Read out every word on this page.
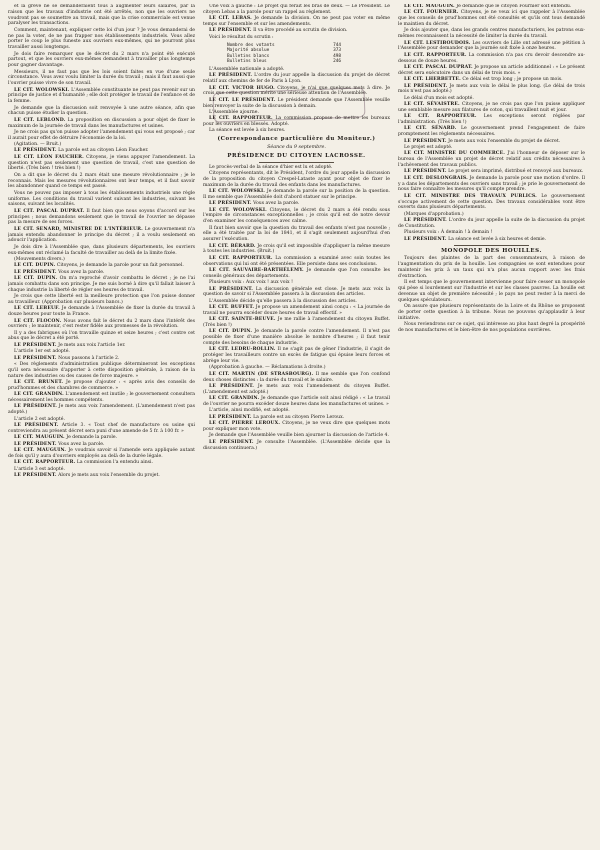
et la grève ne se demanderaient tous à augmenter leurs salaires, par la raison que les travaux d'industrie ont été arrêtés, non que les ouvriers ne voudront pas se soumettre au travail, mais que la crise commerciale est venue paralyser les transactions.

Comment, maintenant, expliquer cette loi d'un jour ? Je vous demanderai de ne pas la voter, de ne pas frapper nos établissements industriels. Vous allez porter le coup le plus funeste aux ouvriers eux-mêmes, qui ne pourront plus travailler aussi longtemps.

Je dois faire remarquer que le décret du 2 mars n'a point été exécuté partout, et que les ouvriers eux-mêmes demandent à travailler plus longtemps pour gagner davantage.

Messieurs, il ne faut pas que les lois soient faites en vue d'une seule circonstance. Vous avez voulu limiter la durée du travail ; mais il faut aussi que l'ouvrier puisse vivre de son travail.

LE CIT. WOLOWSKI. L'Assemblée constituante ne peut pas revenir sur un principe de justice et d'humanité ; elle doit protéger le travail de l'enfance et de la femme.

Je demande que la discussion soit renvoyée à une autre séance, afin que chacun puisse étudier la question.

LE CIT. LEBLOND. La proposition en discussion a pour objet de fixer le maximum de la journée de travail dans les manufactures et usines.

Je ne crois pas qu'on puisse adopter l'amendement qui vous est proposé ; car il aurait pour effet de détruire l'économie de la loi.

(Agitation. — Bruit.)

LE PRÉSIDENT. La parole est au citoyen Léon Faucher.

LE CIT. LÉON FAUCHER. Citoyens, je viens appuyer l'amendement. La question n'est pas seulement une question de travail, c'est une question de liberté. (Très bien ! très bien !)

On a dit que le décret du 2 mars était une mesure révolutionnaire ; je le reconnais. Mais les mesures révolutionnaires ont leur temps, et il faut savoir les abandonner quand ce temps est passé.

Vous ne pouvez pas imposer à tous les établissements industriels une règle uniforme. Les conditions du travail varient suivant les industries, suivant les saisons, suivant les localités.

LE CIT. PASCAL DUPRAT. Il faut bien que nous soyons d'accord sur les principes ; nous demandons seulement que le travail de l'ouvrier ne dépasse pas la mesure de ses forces.

LE CIT. SENARD, MINISTRE DE L'INTÉRIEUR. Le gouvernement n'a jamais entendu abandonner le principe du décret ; il a voulu seulement en adoucir l'application.

Je dois dire à l'Assemblée que, dans plusieurs départements, les ouvriers eux-mêmes ont réclamé la faculté de travailler au delà de la limite fixée.

(Mouvements divers.)

LE CIT. DUPIN. Citoyens, je demande la parole pour un fait personnel.

LE PRÉSIDENT. Vous avez la parole.

LE CIT. DUPIN. On m'a reproché d'avoir combattu le décret ; je ne l'ai jamais combattu dans son principe. Je me suis borné à dire qu'il fallait laisser à chaque industrie la liberté de régler ses heures de travail.

Je crois que cette liberté est la meilleure protection que l'on puisse donner au travailleur. (Approbation sur plusieurs bancs.)

LE CIT. LEBEUF. Je demande à l'Assemblée de fixer la durée du travail à douze heures pour toute la France.

LE CIT. FLOCON. Nous avons fait le décret du 2 mars dans l'intérêt des ouvriers ; le maintenir, c'est rester fidèle aux promesses de la révolution.

Il y a des fabriques où l'on travaille quinze et seize heures ; c'est contre cet abus que le décret a été porté.

LE PRÉSIDENT. Je mets aux voix l'article 1er.

L'article 1er est adopté.

LE PRÉSIDENT. Nous passons à l'article 2.

« Des règlements d'administration publique détermineront les exceptions qu'il sera nécessaire d'apporter à cette disposition générale, à raison de la nature des industries ou des causes de force majeure. »

LE CIT. BRUNET. Je propose d'ajouter : « après avis des conseils de prud'hommes et des chambres de commerce. »

LE CIT. GRANDIN. L'amendement est inutile ; le gouvernement consultera nécessairement les hommes compétents.

LE PRÉSIDENT. Je mets aux voix l'amendement. (L'amendement n'est pas adopté.)

L'article 2 est adopté.

LE PRÉSIDENT. Article 3. « Tout chef de manufacture ou usine qui contreviendra au présent décret sera puni d'une amende de 5 fr. à 100 fr. »

LE CIT. MAUGUIN. Je demande la parole.

LE PRÉSIDENT. Vous avez la parole.

LE CIT. MAUGUIN. Je voudrais savoir si l'amende sera appliquée autant de fois qu'il y aura d'ouvriers employés au delà de la durée légale.

LE CIT. RAPPORTEUR. La commission l'a entendu ainsi.

L'article 3 est adopté.

LE PRÉSIDENT. Alors je mets aux voix l'ensemble du projet.

Une voix à gauche : Le projet qui ferait les bras de deux. — Le Président. Le citoyen Lebas a la parole pour un rappel au règlement.

LE CIT. LEBAS. Je demande la division. On ne peut pas voter en même temps sur l'ensemble et sur les amendements.

LE PRÉSIDENT. Il va être procédé au scrutin de division.

Voici le résultat du scrutin :

Nombre des votants	744
Majorité absolue	373
Bulletins blancs	498
Bulletins bleus	246

L'Assemblée nationale a adopté.

LE PRÉSIDENT. L'ordre du jour appelle la discussion du projet de décret relatif aux chemins de fer de Paris à Lyon.

LE CIT. VICTOR HUGO. Citoyens, je n'ai que quelques mots à dire. Je crois que cette question mérite une sérieuse attention de l'Assemblée.

LE CIT. LE PRÉSIDENT. Le président demande que l'Assemblée veuille bien renvoyer la suite de la discussion à demain.

L'Assemblée ajourne.

LE CIT. RAPPORTEUR. La commission propose de mettre les bureaux pour les ouvriers en blessés. Adopté.

La séance est levée à six heures.

(Correspondance particulière du Moniteur.)
Séance du 9 septembre.
PRÉSIDENCE DU CITOYEN LACROSSE.

Le procès-verbal de la séance d'hier est lu et adopté.

Citoyens représentants, dit le Président, l'ordre du jour appelle la discussion de la proposition du citoyen Crespel-Lataste ayant pour objet de fixer le maximum de la durée du travail des enfants dans les manufactures.

LE CIT. WOLOWSKI. Je demande la parole sur la position de la question. Il me semble que l'Assemblée doit d'abord statuer sur le principe.

LE PRÉSIDENT. Vous avez la parole.

LE CIT. WOLOWSKI. Citoyens, le décret du 2 mars a été rendu sous l'empire de circonstances exceptionnelles ; je crois qu'il est de notre devoir d'en examiner les conséquences avec calme.

Il faut bien savoir que la question du travail des enfants n'est pas nouvelle ; elle a été traitée par la loi de 1841, et il s'agit seulement aujourd'hui d'en assurer l'exécution.

LE CIT. BÉRARD. Je crois qu'il est impossible d'appliquer la même mesure à toutes les industries. (Bruit.)

LE CIT. RAPPORTEUR. La commission a examiné avec soin toutes les observations qui lui ont été présentées. Elle persiste dans ses conclusions.

LE CIT. SAUVAIRE-BARTHÉLEMY. Je demande que l'on consulte les conseils généraux des départements.

Plusieurs voix : Aux voix ! aux voix !

LE PRÉSIDENT. La discussion générale est close. Je mets aux voix la question de savoir si l'Assemblée passera à la discussion des articles.

L'Assemblée décide qu'elle passera à la discussion des articles.

LE CIT. BUFFET. Je propose un amendement ainsi conçu : « La journée de travail ne pourra excéder douze heures de travail effectif. »

LE CIT. SAINTE-BEUVE. Je me rallie à l'amendement du citoyen Buffet. (Très bien !)

LE CIT. DUPIN. Je demande la parole contre l'amendement. Il n'est pas possible de fixer d'une manière absolue le nombre d'heures ; il faut tenir compte des besoins de chaque industrie.

LE CIT. LEDRU-ROLLIN. Il ne s'agit pas de gêner l'industrie, il s'agit de protéger les travailleurs contre un excès de fatigue qui épuise leurs forces et abrège leur vie.

(Approbation à gauche. — Réclamations à droite.)

LE CIT. MARTIN (DE STRASBOURG). Il me semble que l'on confond deux choses distinctes : la durée du travail et le salaire.

LE PRÉSIDENT. Je mets aux voix l'amendement du citoyen Buffet. (L'amendement est adopté.)

LE CIT. GRANDIN. Je demande que l'article soit ainsi rédigé : « Le travail de l'ouvrier ne pourra excéder douze heures dans les manufactures et usines. »

L'article, ainsi modifié, est adopté.

LE PRÉSIDENT. La parole est au citoyen Pierre Leroux.

LE CIT. PIERRE LEROUX. Citoyens, je ne veux dire que quelques mots pour expliquer mon vote.

Je demande que l'Assemblée veuille bien ajourner la discussion de l'article 4.

LE PRÉSIDENT. Je consulte l'Assemblée. (L'Assemblée décide que la discussion continuera.)

LE CIT. MAUGUIN. Je demande que le citoyen Fournier soit entendu.

LE CIT. FOURNIER. Citoyens, je ne veux ici que rappeler à l'Assemblée que les conseils de prud'hommes ont été consultés et qu'ils ont tous demandé le maintien du décret.

Je dois ajouter que, dans les grands centres manufacturiers, les patrons eux-mêmes reconnaissent la nécessité de limiter la durée du travail.

LE CIT. LESTIBOUDOIS. Les ouvriers de Lille ont adressé une pétition à l'Assemblée pour demander que la journée soit fixée à onze heures.

LE CIT. RAPPORTEUR. La commission n'a pas cru devoir descendre au-dessous de douze heures.

LE CIT. PASCAL DUPRAT. Je propose un article additionnel : « Le présent décret sera exécutoire dans un délai de trois mois. »

LE CIT. LHERBETTE. Ce délai est trop long ; je propose un mois.

LE PRÉSIDENT. Je mets aux voix le délai le plus long. (Le délai de trois mois n'est pas adopté.)

Le délai d'un mois est adopté.

LE CIT. SÉVAISTRE. Citoyens, je ne crois pas que l'on puisse appliquer une semblable mesure aux filatures de coton, qui travaillent nuit et jour.

LE CIT. RAPPORTEUR. Les exceptions seront réglées par l'administration. (Très bien !)

LE CIT. SÉNARD. Le gouvernement prend l'engagement de faire promptement les règlements nécessaires.

LE PRÉSIDENT. Je mets aux voix l'ensemble du projet de décret.

Le projet est adopté.

LE CIT. MINISTRE DU COMMERCE. J'ai l'honneur de déposer sur le bureau de l'Assemblée un projet de décret relatif aux crédits nécessaires à l'achèvement des travaux publics.

LE PRÉSIDENT. Le projet sera imprimé, distribué et renvoyé aux bureaux.

LE CIT. DESLONGRAIS. Je demande la parole pour une motion d'ordre. Il y a dans les départements des ouvriers sans travail ; je prie le gouvernement de nous faire connaître les mesures qu'il compte prendre.

LE CIT. MINISTRE DES TRAVAUX PUBLICS. Le gouvernement s'occupe activement de cette question. Des travaux considérables vont être ouverts dans plusieurs départements.

(Marques d'approbation.)

LE PRÉSIDENT. L'ordre du jour appelle la suite de la discussion du projet de Constitution.

Plusieurs voix : À demain ! à demain !

LE PRÉSIDENT. La séance est levée à six heures et demie.

MONOPOLE DES HOUILLES.

Toujours des plaintes de la part des consommateurs, à raison de l'augmentation du prix de la houille. Les compagnies se sont entendues pour maintenir les prix à un taux qui n'a plus aucun rapport avec les frais d'extraction.

Il est temps que le gouvernement intervienne pour faire cesser un monopole qui pèse si lourdement sur l'industrie et sur les classes pauvres. La houille est devenue un objet de première nécessité ; le pays ne peut rester à la merci de quelques spéculateurs.

On assure que plusieurs représentants de la Loire et du Rhône se proposent de porter cette question à la tribune. Nous ne pouvons qu'applaudir à leur initiative.

Nous reviendrons sur ce sujet, qui intéresse au plus haut degré la prospérité de nos manufactures et le bien-être de nos populations ouvrières.
